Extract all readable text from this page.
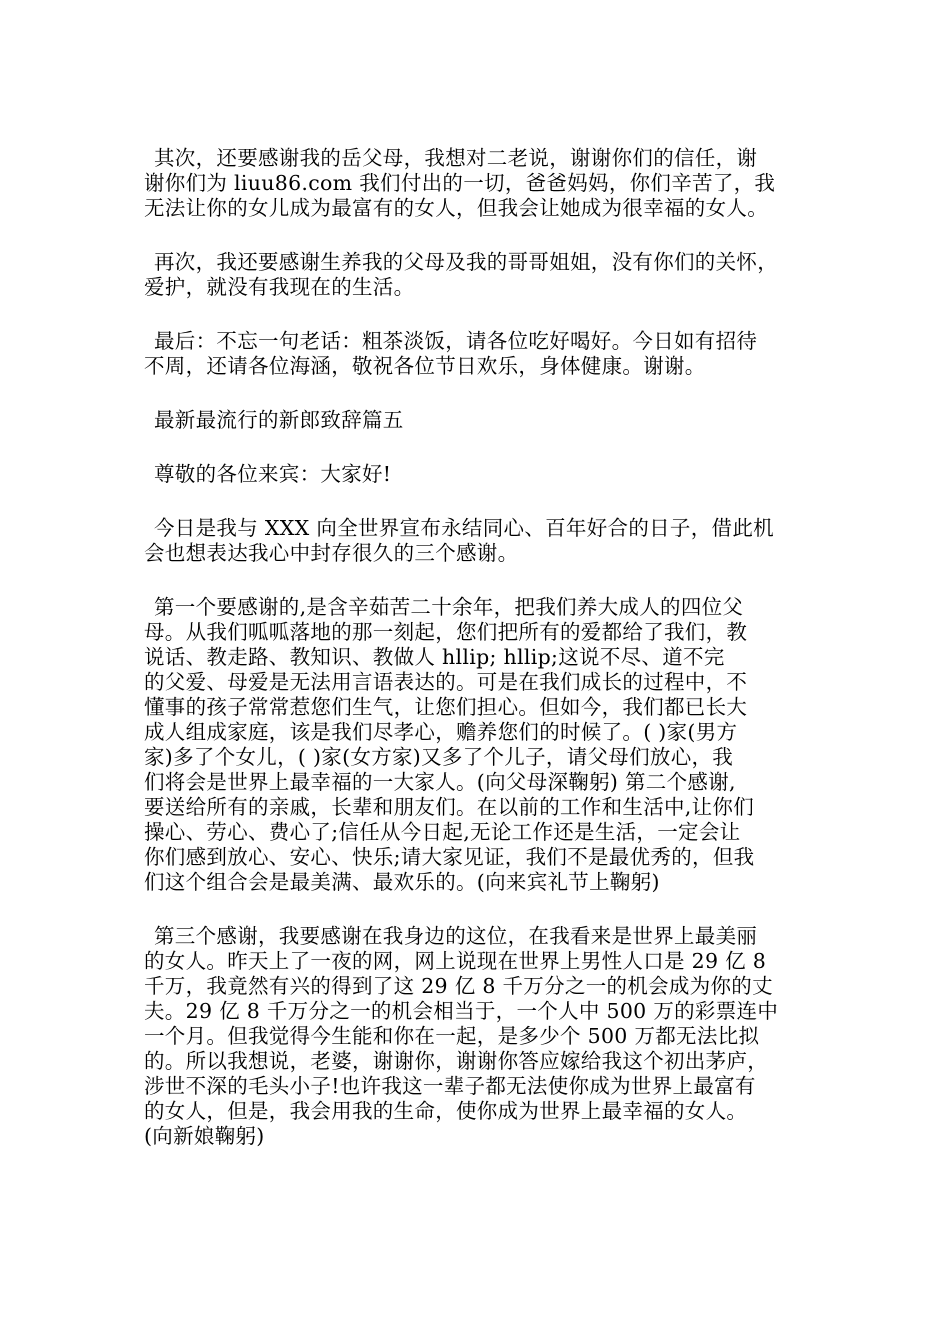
其次，还要感谢我的岳父母，我想对二老说，谢谢你们的信任，谢
谢你们为 liuu86.com 我们付出的一切，爸爸妈妈，你们辛苦了，我
无法让你的女儿成为最富有的女人，但我会让她成为很幸福的女人。

再次，我还要感谢生养我的父母及我的哥哥姐姐，没有你们的关怀，
爱护，就没有我现在的生活。

最后：不忘一句老话：粗茶淡饭，请各位吃好喝好。今日如有招待
不周，还请各位海涵，敬祝各位节日欢乐，身体健康。谢谢。

最新最流行的新郎致辞篇五

尊敬的各位来宾：大家好!

今日是我与 XXX 向全世界宣布永结同心、百年好合的日子，借此机
会也想表达我心中封存很久的三个感谢。

第一个要感谢的,是含辛茹苦二十余年，把我们养大成人的四位父
母。从我们呱呱落地的那一刻起，您们把所有的爱都给了我们，教
说话、教走路、教知识、教做人 hllip; hllip;这说不尽、道不完
的父爱、母爱是无法用言语表达的。可是在我们成长的过程中，不
懂事的孩子常常惹您们生气，让您们担心。但如今，我们都已长大
成人组成家庭，该是我们尽孝心，赡养您们的时候了。( )家(男方
家)多了个女儿，( )家(女方家)又多了个儿子，请父母们放心，我
们将会是世界上最幸福的一大家人。(向父母深鞠躬) 第二个感谢,
要送给所有的亲戚，长辈和朋友们。在以前的工作和生活中,让你们
操心、劳心、费心了;信任从今日起,无论工作还是生活，一定会让
你们感到放心、安心、快乐;请大家见证，我们不是最优秀的，但我
们这个组合会是最美满、最欢乐的。(向来宾礼节上鞠躬)

第三个感谢，我要感谢在我身边的这位，在我看来是世界上最美丽
的女人。昨天上了一夜的网，网上说现在世界上男性人口是 29 亿 8
千万，我竟然有兴的得到了这 29 亿 8 千万分之一的机会成为你的丈
夫。29 亿 8 千万分之一的机会相当于，一个人中 500 万的彩票连中
一个月。但我觉得今生能和你在一起，是多少个 500 万都无法比拟
的。所以我想说，老婆，谢谢你，谢谢你答应嫁给我这个初出茅庐，
涉世不深的毛头小子!也许我这一辈子都无法使你成为世界上最富有
的女人，但是，我会用我的生命，使你成为世界上最幸福的女人。
(向新娘鞠躬)
